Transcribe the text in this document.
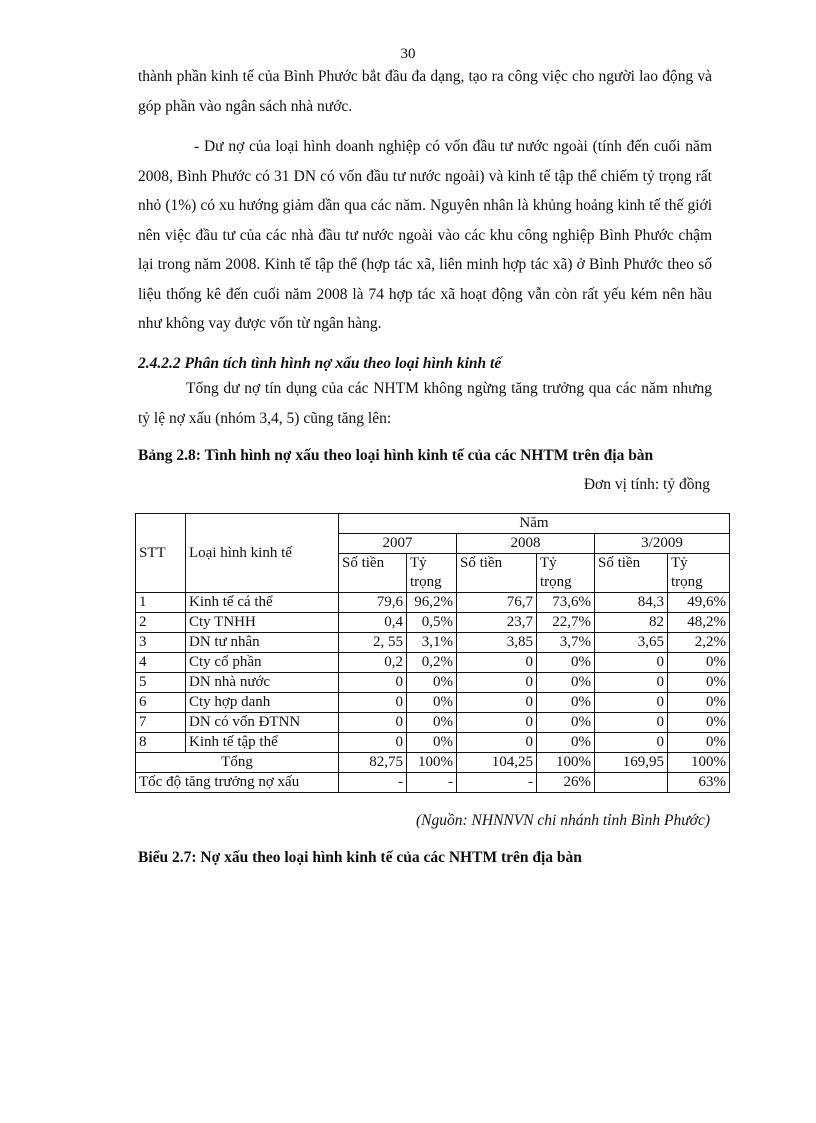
30

thành phần kinh tế của Bình Phước bắt đầu đa dạng, tạo ra công việc cho người lao động và góp phần vào ngân sách nhà nước.

- Dư nợ của loại hình doanh nghiệp có vốn đầu tư nước ngoài (tính đến cuối năm 2008, Bình Phước có 31 DN có vốn đầu tư nước ngoài) và kinh tế tập thể chiếm tỷ trọng rất nhỏ (1%) có xu hướng giảm dần qua các năm. Nguyên nhân là khủng hoảng kinh tế thế giới nên việc đầu tư của các nhà đầu tư nước ngoài vào các khu công nghiệp Bình Phước chậm lại trong năm 2008. Kinh tế tập thể (hợp tác xã, liên minh hợp tác xã) ở Bình Phước theo số liệu thống kê đến cuối năm 2008 là 74 hợp tác xã hoạt động vẫn còn rất yếu kém nên hầu như không vay được vốn từ ngân hàng.

2.4.2.2 Phân tích tình hình nợ xấu theo loại hình kinh tế

Tổng dư nợ tín dụng của các NHTM không ngừng tăng trưởng qua các năm nhưng tỷ lệ nợ xấu (nhóm 3,4, 5) cũng tăng lên:

Bảng 2.8: Tình hình nợ xấu theo loại hình kinh tế của các NHTM trên địa bàn

Đơn vị tính: tỷ đồng

STT	Loại hình kinh tế	Năm					
		2007		2008		3/2009	
		Số tiền	Tỷ
trọng	Số tiền	Tỷ
trọng	Số tiền	Tỷ
trọng
1	Kinh tế cá thể	79,6	96,2%	76,7	73,6%	84,3	49,6%
2	Cty TNHH	0,4	0,5%	23,7	22,7%	82	48,2%
3	DN tư nhân	2, 55	3,1%	3,85	3,7%	3,65	2,2%
4	Cty cổ phần	0,2	0,2%	0	0%	0	0%
5	DN nhà nước	0	0%	0	0%	0	0%
6	Cty hợp danh	0	0%	0	0%	0	0%
7	DN có vốn ĐTNN	0	0%	0	0%	0	0%
8	Kinh tế tập thể	0	0%	0	0%	0	0%
Tổng		82,75	100%	104,25	100%	169,95	100%
Tốc độ tăng trưởng nợ xấu		-	-	-	26%		63%

(Nguồn: NHNNVN chi nhánh tỉnh Bình Phước)

Biểu 2.7: Nợ xấu theo loại hình kinh tế của các NHTM trên địa bàn
